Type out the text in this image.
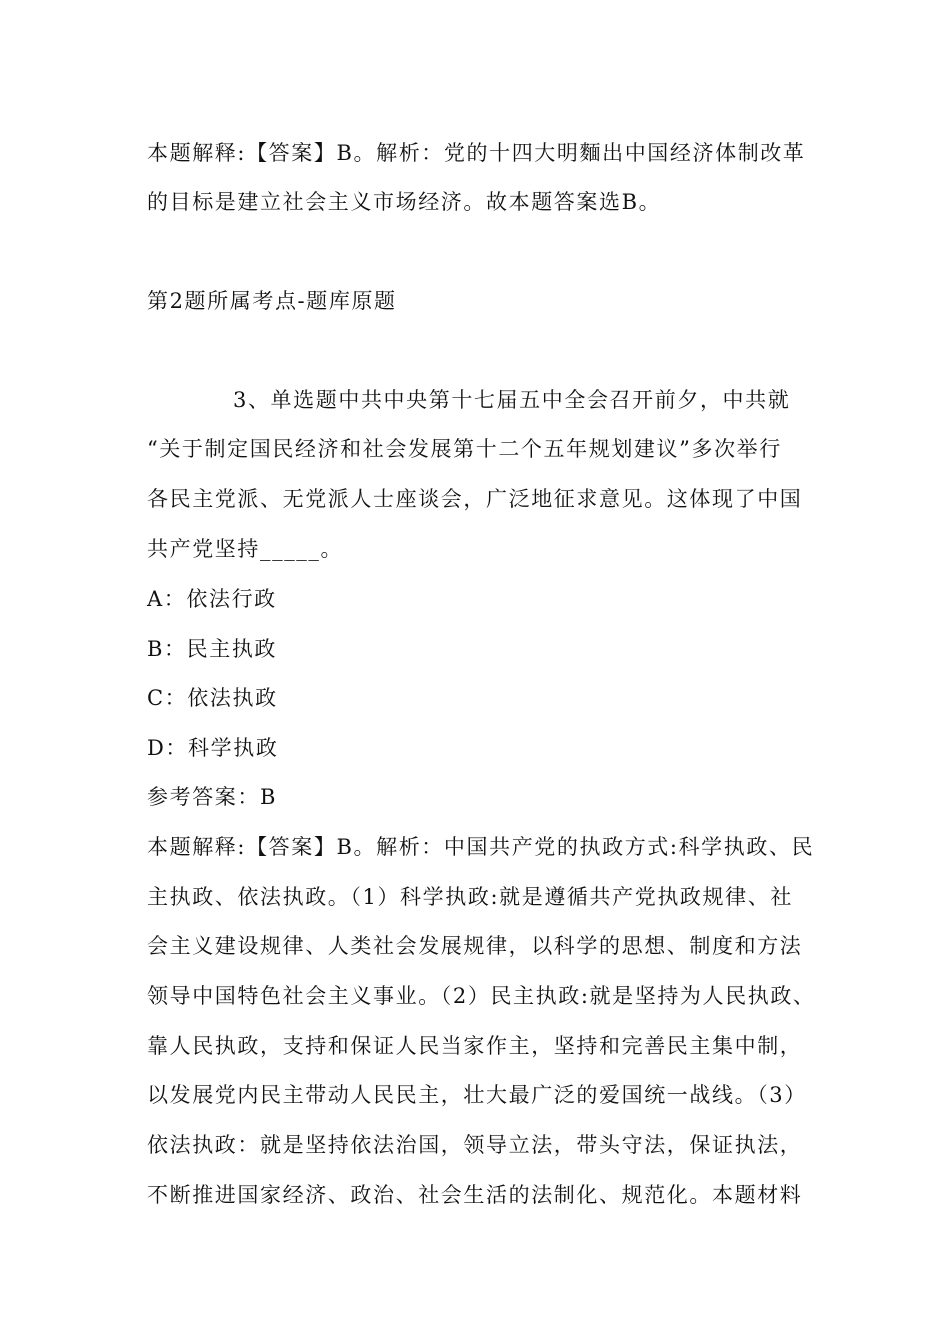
本题解释:【答案】B。解析：党的十四大明麵出中国经济体制改革
的目标是建立社会主义市场经济。故本题答案选B。
第2题所属考点-题库原题
3、单选题中共中央第十七届五中全会召开前夕，中共就
“关于制定国民经济和社会发展第十二个五年规划建议”多次举行
各民主党派、无党派人士座谈会，广泛地征求意见。这体现了中国
共产党坚持_____。
A：依法行政
B：民主执政
C：依法执政
D：科学执政
参考答案：B
本题解释:【答案】B。解析：中国共产党的执政方式:科学执政、民
主执政、依法执政。（1）科学执政:就是遵循共产党执政规律、社
会主义建设规律、人类社会发展规律，以科学的思想、制度和方法
领导中国特色社会主义事业。（2）民主执政:就是坚持为人民执政、
靠人民执政，支持和保证人民当家作主，坚持和完善民主集中制，
以发展党内民主带动人民民主，壮大最广泛的爱国统一战线。（3）
依法执政：就是坚持依法治国，领导立法，带头守法，保证执法，
不断推进国家经济、政治、社会生活的法制化、规范化。本题材料
